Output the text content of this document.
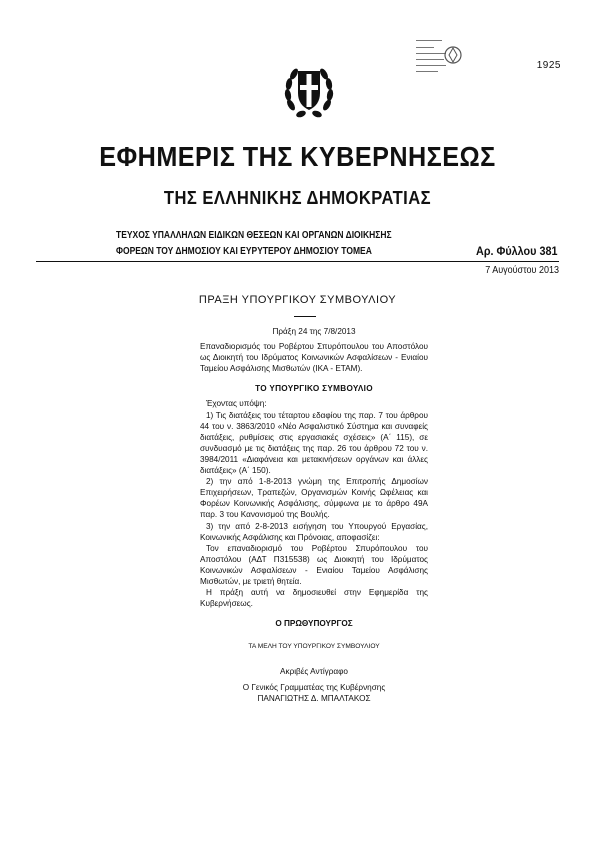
1925
ΕΦΗΜΕΡΙΣ ΤΗΣ ΚΥΒΕΡΝΗΣΕΩΣ
ΤΗΣ ΕΛΛΗΝΙΚΗΣ ΔΗΜΟΚΡΑΤΙΑΣ
ΤΕΥΧΟΣ ΥΠΑΛΛΗΛΩΝ ΕΙΔΙΚΩΝ ΘΕΣΕΩΝ ΚΑΙ ΟΡΓΑΝΩΝ ΔΙΟΙΚΗΣΗΣ
ΦΟΡΕΩΝ ΤΟΥ ΔΗΜΟΣΙΟΥ ΚΑΙ ΕΥΡΥΤΕΡΟΥ ΔΗΜΟΣΙΟΥ ΤΟΜΕΑ	Αρ. Φύλλου 381
7 Αυγούστου 2013
ΠΡΑΞΗ ΥΠΟΥΡΓΙΚΟΥ ΣΥΜΒΟΥΛΙΟΥ
Πράξη 24 της 7/8/2013
Επαναδιορισμός του Ροβέρτου Σπυρόπουλου του Αποστόλου ως Διοικητή του Ιδρύματος Κοινωνικών Ασφαλίσεων - Ενιαίου Ταμείου Ασφάλισης Μισθωτών (ΙΚΑ - ΕΤΑΜ).
ΤΟ ΥΠΟΥΡΓΙΚΟ ΣΥΜΒΟΥΛΙΟ
Έχοντας υπόψη:
1) Τις διατάξεις του τέταρτου εδαφίου της παρ. 7 του άρθρου 44 του ν. 3863/2010 «Νέο Ασφαλιστικό Σύστημα και συναφείς διατάξεις, ρυθμίσεις στις εργασιακές σχέσεις» (Α΄ 115), σε συνδυασμό με τις διατάξεις της παρ. 26 του άρθρου 72 του ν. 3984/2011 «Διαφάνεια και μετακινήσεων οργάνων και άλλες διατάξεις» (Α΄ 150).
2) την από 1-8-2013 γνώμη της Επιτροπής Δημοσίων Επιχειρήσεων, Τραπεζών, Οργανισμών Κοινής Ωφέλειας και Φορέων Κοινωνικής Ασφάλισης, σύμφωνα με το άρθρο 49Α παρ. 3 του Κανονισμού της Βουλής.
3) την από 2-8-2013 εισήγηση του Υπουργού Εργασίας, Κοινωνικής Ασφάλισης και Πρόνοιας, αποφασίζει:
Τον επαναδιορισμό του Ροβέρτου Σπυρόπουλου του Αποστόλου (ΑΔΤ Π315538) ως Διοικητή του Ιδρύματος Κοινωνικών Ασφαλίσεων - Ενιαίου Ταμείου Ασφάλισης Μισθωτών, με τριετή θητεία.
Η πράξη αυτή να δημοσιευθεί στην Εφημερίδα της Κυβερνήσεως.
Ο ΠΡΩΘΥΠΟΥΡΓΟΣ
ΤΑ ΜΕΛΗ ΤΟΥ ΥΠΟΥΡΓΙΚΟΥ ΣΥΜΒΟΥΛΙΟΥ
Ακριβές Αντίγραφο
Ο Γενικός Γραμματέας της Κυβέρνησης
ΠΑΝΑΓΙΩΤΗΣ Δ. ΜΠΑΛΤΑΚΟΣ
